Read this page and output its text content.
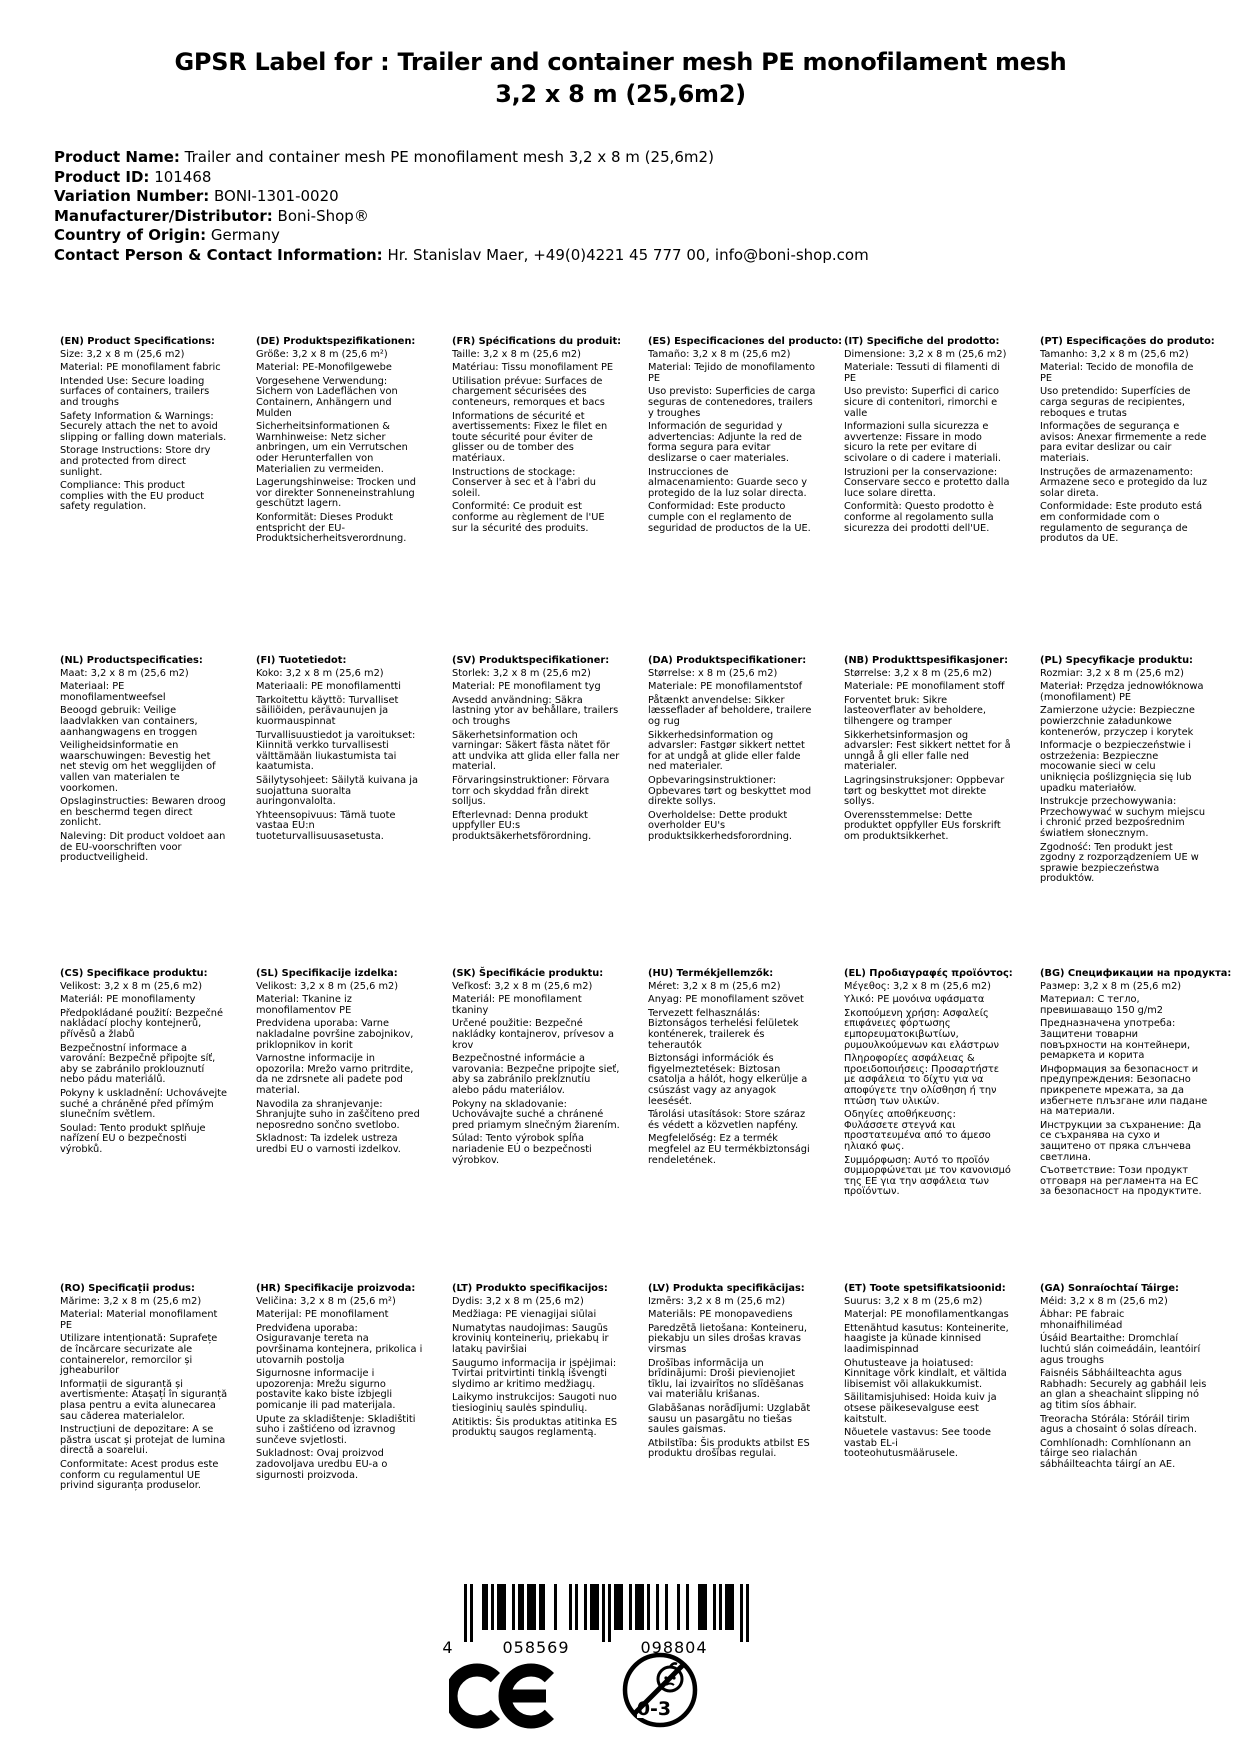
GPSR Label for : Trailer and container mesh PE monofilament mesh
3,2 x 8 m (25,6m2)
Product Name: Trailer and container mesh PE monofilament mesh 3,2 x 8 m (25,6m2)
Product ID: 101468
Variation Number: BONI-1301-0020
Manufacturer/Distributor: Boni-Shop®
Country of Origin: Germany
Contact Person & Contact Information: Hr. Stanislav Maer, +49(0)4221 45 777 00, info@boni-shop.com
(EN) Product Specifications:
Size: 3,2 x 8 m (25,6 m2)
Material: PE monofilament fabric
Intended Use: Secure loading surfaces of containers, trailers and troughs
Safety Information & Warnings: Securely attach the net to avoid slipping or falling down materials.
Storage Instructions: Store dry and protected from direct sunlight.
Compliance: This product complies with the EU product safety regulation.
(DE) Produktspezifikationen:
Größe: 3,2 x 8 m (25,6 m²)
Material: PE-Monofilgewebe
Vorgesehene Verwendung: Sichern von Ladeflächen von Containern, Anhängern und Mulden
Sicherheitsinformationen & Warnhinweise: Netz sicher anbringen, um ein Verrutschen oder Herunterfallen von Materialien zu vermeiden.
Lagerungshinweise: Trocken und vor direkter Sonneneinstrahlung geschützt lagern.
Konformität: Dieses Produkt entspricht der EU-Produktsicherheitsverordnung.
(FR) Spécifications du produit:
Taille: 3,2 x 8 m (25,6 m2)
Matériau: Tissu monofilament PE
Utilisation prévue: Surfaces de chargement sécurisées des conteneurs, remorques et bacs
Informations de sécurité et avertissements: Fixez le filet en toute sécurité pour éviter de glisser ou de tomber des matériaux.
Instructions de stockage: Conserver à sec et à l'abri du soleil.
Conformité: Ce produit est conforme au règlement de l'UE sur la sécurité des produits.
(ES) Especificaciones del producto:
Tamaño: 3,2 x 8 m (25,6 m2)
Material: Tejido de monofilamento PE
Uso previsto: Superficies de carga seguras de contenedores, trailers y troughes
Información de seguridad y advertencias: Adjunte la red de forma segura para evitar deslizarse o caer materiales.
Instrucciones de almacenamiento: Guarde seco y protegido de la luz solar directa.
Conformidad: Este producto cumple con el reglamento de seguridad de productos de la UE.
(IT) Specifiche del prodotto:
Dimensione: 3,2 x 8 m (25,6 m2)
Materiale: Tessuti di filamenti di PE
Uso previsto: Superfici di carico sicure di contenitori, rimorchi e valle
Informazioni sulla sicurezza e avvertenze: Fissare in modo sicuro la rete per evitare di scivolare o di cadere i materiali.
Istruzioni per la conservazione: Conservare secco e protetto dalla luce solare diretta.
Conformità: Questo prodotto è conforme al regolamento sulla sicurezza dei prodotti dell'UE.
(PT) Especificações do produto:
Tamanho: 3,2 x 8 m (25,6 m2)
Material: Tecido de monofila de PE
Uso pretendido: Superfícies de carga seguras de recipientes, reboques e trutas
Informações de segurança e avisos: Anexar firmemente a rede para evitar deslizar ou cair materiais.
Instruções de armazenamento: Armazene seco e protegido da luz solar direta.
Conformidade: Este produto está em conformidade com o regulamento de segurança de produtos da UE.
(NL) Productspecificaties:
Maat: 3,2 x 8 m (25,6 m2)
Materiaal: PE monofilamentweefsel
Beoogd gebruik: Veilige laadvlakken van containers, aanhangwagens en troggen
Veiligheidsinformatie en waarschuwingen: Bevestig het net stevig om het wegglijden of vallen van materialen te voorkomen.
Opslaginstructies: Bewaren droog en beschermd tegen direct zonlicht.
Naleving: Dit product voldoet aan de EU-voorschriften voor productveiligheid.
(FI) Tuotetiedot:
Koko: 3,2 x 8 m (25,6 m2)
Materiaali: PE monofilamentti
Tarkoitettu käyttö: Turvalliset säiliöiden, perävaunujen ja kuormauspinnat
Turvallisuustiedot ja varoitukset: Kiinnitä verkko turvallisesti välttämään liukastumista tai kaatumista.
Säilytysohjeet: Säilytä kuivana ja suojattuna suoralta auringonvalolta.
Yhteensopivuus: Tämä tuote vastaa EU:n tuoteturvallisuusasetusta.
(SV) Produktspecifikationer:
Storlek: 3,2 x 8 m (25,6 m2)
Material: PE monofilament tyg
Avsedd användning: Säkra lastning ytor av behållare, trailers och troughs
Säkerhetsinformation och varningar: Säkert fästa nätet för att undvika att glida eller falla ner material.
Förvaringsinstruktioner: Förvara torr och skyddad från direkt solljus.
Efterlevnad: Denna produkt uppfyller EU:s produktsäkerhetsförordning.
(DA) Produktspecifikationer:
Størrelse: x 8 m (25,6 m2)
Materiale: PE monofilamentstof
Påtænkt anvendelse: Sikker læsseflader af beholdere, trailere og rug
Sikkerhedsinformation og advarsler: Fastgør sikkert nettet for at undgå at glide eller falde ned materialer.
Opbevaringsinstruktioner: Opbevares tørt og beskyttet mod direkte sollys.
Overholdelse: Dette produkt overholder EU's produktsikkerhedsforordning.
(NB) Produkttspesifikasjoner:
Størrelse: 3,2 x 8 m (25,6 m2)
Materiale: PE monofilament stoff
Forventet bruk: Sikre lasteoverflater av beholdere, tilhengere og tramper
Sikkerhetsinformasjon og advarsler: Fest sikkert nettet for å unngå å gli eller falle ned materialer.
Lagringsinstruksjoner: Oppbevar tørt og beskyttet mot direkte sollys.
Overensstemmelse: Dette produktet oppfyller EUs forskrift om produktsikkerhet.
(PL) Specyfikacje produktu:
Rozmiar: 3,2 x 8 m (25,6 m2)
Materiał: Przędza jednowłóknowa (monofilament) PE
Zamierzone użycie: Bezpieczne powierzchnie załadunkowe kontenerów, przyczep i korytek
Informacje o bezpieczeństwie i ostrzeżenia: Bezpieczne mocowanie sieci w celu uniknięcia poślizgnięcia się lub upadku materiałów.
Instrukcje przechowywania: Przechowywać w suchym miejscu i chronić przed bezpośrednim światłem słonecznym.
Zgodność: Ten produkt jest zgodny z rozporządzeniem UE w sprawie bezpieczeństwa produktów.
(CS) Specifikace produktu:
Velikost: 3,2 x 8 m (25,6 m2)
Materiál: PE monofilamenty
Předpokládané použití: Bezpečné nakládací plochy kontejnerů, přívěsů a žlabů
Bezpečnostní informace a varování: Bezpečně připojte síť, aby se zabránilo proklouznutí nebo pádu materiálů.
Pokyny k uskladnění: Uchovávejte suché a chráněné před přímým slunečním světlem.
Soulad: Tento produkt splňuje nařízení EU o bezpečnosti výrobků.
(SL) Specifikacije izdelka:
Velikost: 3,2 x 8 m (25,6 m2)
Material: Tkanine iz monofilamentov PE
Predvidena uporaba: Varne nakladalne površine zabojnikov, priklopnikov in korit
Varnostne informacije in opozorila: Mrežo varno pritrdite, da ne zdrsnete ali padete pod material.
Navodila za shranjevanje: Shranjujte suho in zaščiteno pred neposredno sončno svetlobo.
Skladnost: Ta izdelek ustreza uredbi EU o varnosti izdelkov.
(SK) Špecifikácie produktu:
Veľkosť: 3,2 x 8 m (25,6 m2)
Materiál: PE monofilament tkaniny
Určené použitie: Bezpečné nakládky kontajnerov, prívesov a krov
Bezpečnostné informácie a varovania: Bezpečne pripojte sieť, aby sa zabránilo prekĺznutiu alebo pádu materiálov.
Pokyny na skladovanie: Uchovávajte suché a chránené pred priamym slnečným žiarením.
Súlad: Tento výrobok spĺňa nariadenie EÚ o bezpečnosti výrobkov.
(HU) Termékjellemzők:
Méret: 3,2 x 8 m (25,6 m2)
Anyag: PE monofilament szövet
Tervezett felhasználás: Biztonságos terhelési felületek konténerek, trailerek és teherautók
Biztonsági információk és figyelmeztetések: Biztosan csatolja a hálót, hogy elkerülje a csúszást vagy az anyagok leesését.
Tárolási utasítások: Store száraz és védett a közvetlen napfény.
Megfelelőség: Ez a termék megfelel az EU termékbiztonsági rendeletének.
(EL) Προδιαγραφές προϊόντος:
Μέγεθος: 3,2 x 8 m (25,6 m2)
Υλικό: PE μονόινα υφάσματα
Σκοπούμενη χρήση: Ασφαλείς επιφάνειες φόρτωσης εμπορευματοκιβωτίων, ρυμουλκούμενων και ελάστρων
Πληροφορίες ασφάλειας & προειδοποιήσεις: Προσαρτήστε με ασφάλεια το δίχτυ για να αποφύγετε την ολίσθηση ή την πτώση των υλικών.
Οδηγίες αποθήκευσης: Φυλάσσετε στεγνά και προστατευμένα από το άμεσο ηλιακό φως.
Συμμόρφωση: Αυτό το προϊόν συμμορφώνεται με τον κανονισμό της ΕΕ για την ασφάλεια των προϊόντων.
(BG) Спецификации на продукта:
Размер: 3,2 x 8 m (25,6 m2)
Материал: С тегло, превишаващо 150 g/m2
Предназначена употреба: Защитени товарни повърхности на контейнери, ремаркета и корита
Информация за безопасност и предупреждения: Безопасно прикрепете мрежата, за да избегнете плъзгане или падане на материали.
Инструкции за съхранение: Да се съхранява на сухо и защитено от пряка слънчева светлина.
Съответствие: Този продукт отговаря на регламента на ЕС за безопасност на продуктите.
(RO) Specificații produs:
Mărime: 3,2 x 8 m (25,6 m2)
Material: Material monofilament PE
Utilizare intenționată: Suprafețe de încărcare securizate ale containerelor, remorcilor și jgheaburilor
Informații de siguranță și avertismente: Atașați în siguranță plasa pentru a evita alunecarea sau căderea materialelor.
Instrucțiuni de depozitare: A se păstra uscat și protejat de lumina directă a soarelui.
Conformitate: Acest produs este conform cu regulamentul UE privind siguranța produselor.
(HR) Specifikacije proizvoda:
Veličina: 3,2 x 8 m (25,6 m²)
Materijal: PE monofilament
Predviđena uporaba: Osiguravanje tereta na površinama kontejnera, prikolica i utovarnih postolja
Sigurnosne informacije i upozorenja: Mrežu sigurno postavite kako biste izbjegli pomicanje ili pad materijala.
Upute za skladištenje: Skladištiti suho i zaštićeno od izravnog sunčeve svjetlosti.
Sukladnost: Ovaj proizvod zadovoljava uredbu EU-a o sigurnosti proizvoda.
(LT) Produkto specifikacijos:
Dydis: 3,2 x 8 m (25,6 m2)
Medžiaga: PE vienagijai siūlai
Numatytas naudojimas: Saugūs krovinių konteinerių, priekabų ir latakų paviršiai
Saugumo informacija ir įspėjimai: Tvirtai pritvirtinti tinklą išvengti slydimo ar kritimo medžiagų.
Laikymo instrukcijos: Saugoti nuo tiesioginių saulės spindulių.
Atitiktis: Šis produktas atitinka ES produktų saugos reglamentą.
(LV) Produkta specifikācijas:
Izmērs: 3,2 x 8 m (25,6 m2)
Materiāls: PE monopavediens
Paredzētā lietošana: Konteineru, piekabju un siles drošas kravas virsmas
Drošības informācija un brīdinājumi: Droši pievienojiet tīklu, lai izvairītos no slīdēšanas vai materiālu krišanas.
Glabāšanas norādījumi: Uzglabāt sausu un pasargātu no tiešas saules gaismas.
Atbilstība: Šis produkts atbilst ES produktu drošības regulai.
(ET) Toote spetsifikatsioonid:
Suurus: 3,2 x 8 m (25,6 m2)
Materjal: PE monofilamentkangas
Ettenähtud kasutus: Konteinerite, haagiste ja künade kinnised laadimispinnad
Ohutusteave ja hoiatused: Kinnitage võrk kindlalt, et vältida libisemist või allakukkumist.
Säilitamisjuhised: Hoida kuiv ja otsese päikesevalguse eest kaitstult.
Nõuetele vastavus: See toode vastab EL-i tooteohutusmäärusele.
(GA) Sonraíochtaí Táirge:
Méid: 3,2 x 8 m (25,6 m2)
Ábhar: PE fabraic mhonaifhiliméad
Úsáid Beartaithe: Dromchlaí luchtú slán coimeádáin, leantóirí agus troughs
Faisnéis Sábháilteachta agus Rabhadh: Securely ag gabháil leis an glan a sheachaint slipping nó ag titim síos ábhair.
Treoracha Stórála: Stóráil tirim agus a chosaint ó solas díreach.
Comhlíonadh: Comhlíonann an táirge seo rialachán sábháilteachta táirgí an AE.
4	058569	098804
0-3
